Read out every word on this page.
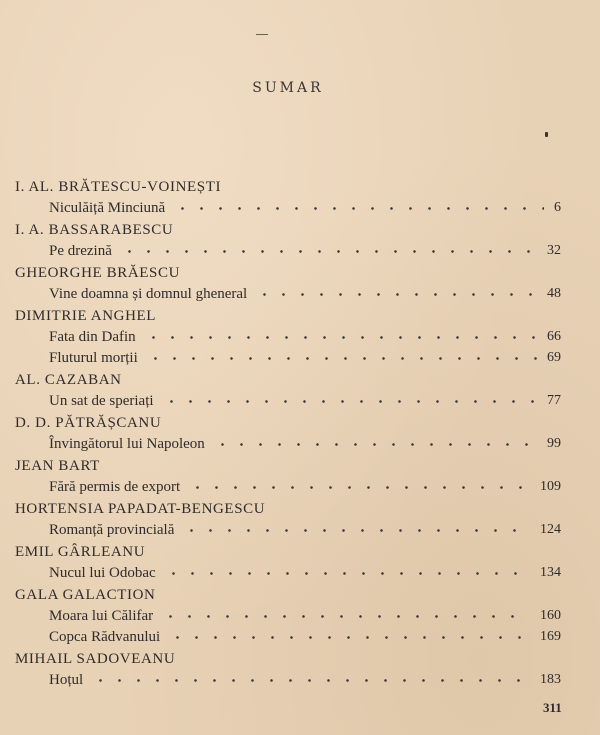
SUMAR
I. AL. BRĂTESCU-VOINEȘTI
Niculăiță Minciună	6
I. A. BASSARABESCU
Pe drezină	32
GHEORGHE BRĂESCU
Vine doamna și domnul gheneral	48
DIMITRIE ANGHEL
Fata din Dafin	66
Fluturul morții	69
AL. CAZABAN
Un sat de speriați	77
D. D. PĂTRĂȘCANU
Învingătorul lui Napoleon	99
JEAN BART
Fără permis de export	109
HORTENSIA PAPADAT-BENGESCU
Romanță provincială	124
EMIL GÂRLEANU
Nucul lui Odobac	134
GALA GALACTION
Moara lui Călifar	160
Copca Rădvanului	169
MIHAIL SADOVEANU
Hoțul	183
311
